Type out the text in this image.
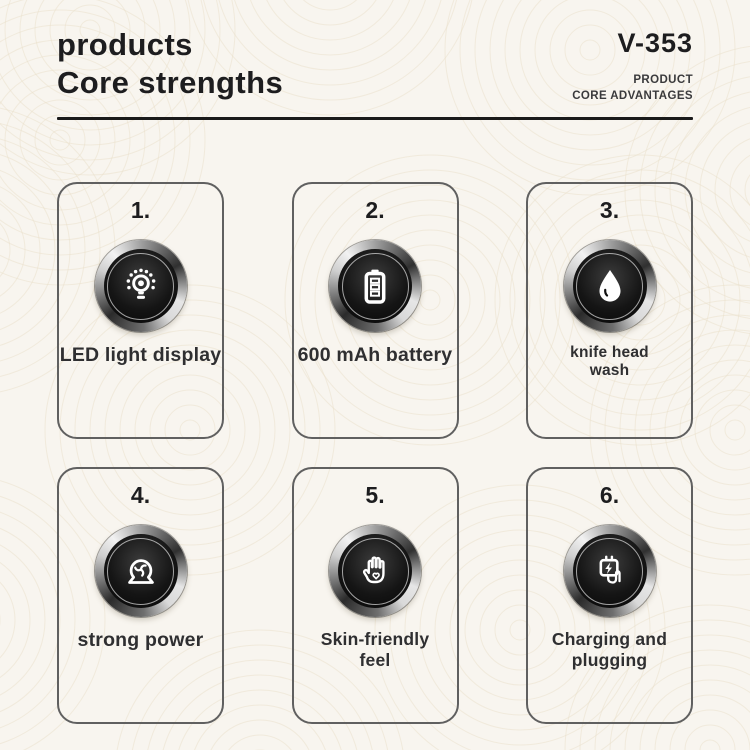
products
Core strengths
V-353
PRODUCT
CORE ADVANTAGES
1.
LED light display
2.
600 mAh battery
3.
knife head
wash
4.
strong power
5.
Skin-friendly
feel
6.
Charging and
plugging
